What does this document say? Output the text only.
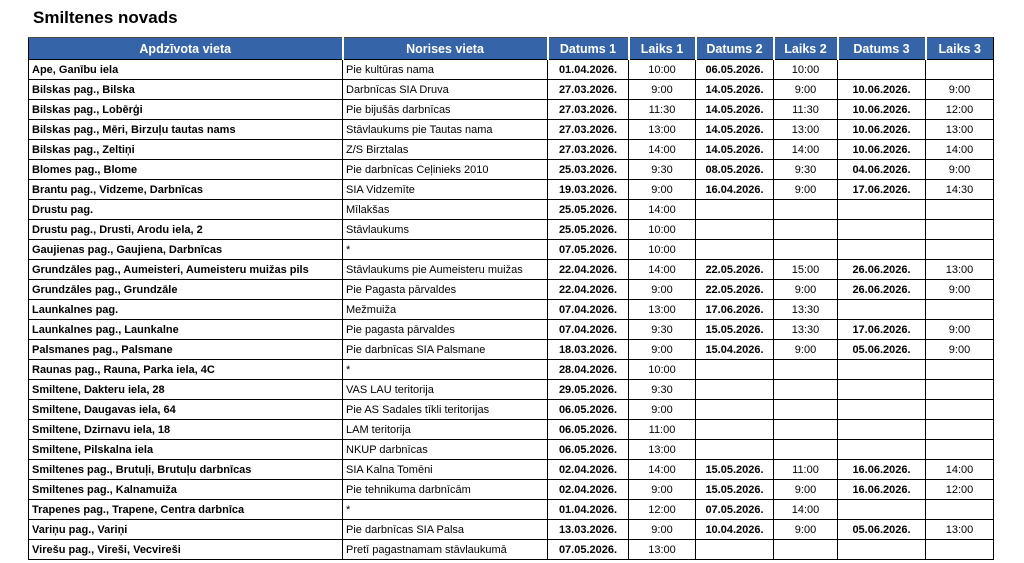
Smiltenes novads
Apdzīvota vieta	Norises vieta	Datums 1	Laiks 1	Datums 2	Laiks 2	Datums 3	Laiks 3
Ape, Ganību iela	Pie kultūras nama	01.04.2026.	10:00	06.05.2026.	10:00		
Bilskas pag., Bilska	Darbnīcas SIA Druva	27.03.2026.	9:00	14.05.2026.	9:00	10.06.2026.	9:00
Bilskas pag., Lobērģi	Pie bijušās darbnīcas	27.03.2026.	11:30	14.05.2026.	11:30	10.06.2026.	12:00
Bilskas pag., Mēri, Birzuļu tautas nams	Stāvlaukums pie Tautas nama	27.03.2026.	13:00	14.05.2026.	13:00	10.06.2026.	13:00
Bilskas pag., Zeltiņi	Z/S Birztalas	27.03.2026.	14:00	14.05.2026.	14:00	10.06.2026.	14:00
Blomes pag., Blome	Pie darbnīcas Ceļinieks 2010	25.03.2026.	9:30	08.05.2026.	9:30	04.06.2026.	9:00
Brantu pag., Vidzeme, Darbnīcas	SIA Vidzemīte	19.03.2026.	9:00	16.04.2026.	9:00	17.06.2026.	14:30
Drustu pag.	Mīlakšas	25.05.2026.	14:00				
Drustu pag., Drusti, Arodu iela, 2	Stāvlaukums	25.05.2026.	10:00				
Gaujienas pag., Gaujiena, Darbnīcas	*	07.05.2026.	10:00				
Grundzāles pag., Aumeisteri, Aumeisteru muižas pils	Stāvlaukums pie Aumeisteru muižas	22.04.2026.	14:00	22.05.2026.	15:00	26.06.2026.	13:00
Grundzāles pag., Grundzāle	Pie Pagasta pārvaldes	22.04.2026.	9:00	22.05.2026.	9:00	26.06.2026.	9:00
Launkalnes pag.	Mežmuiža	07.04.2026.	13:00	17.06.2026.	13:30		
Launkalnes pag., Launkalne	Pie pagasta pārvaldes	07.04.2026.	9:30	15.05.2026.	13:30	17.06.2026.	9:00
Palsmanes pag., Palsmane	Pie darbnīcas SIA Palsmane	18.03.2026.	9:00	15.04.2026.	9:00	05.06.2026.	9:00
Raunas pag., Rauna, Parka iela, 4C	*	28.04.2026.	10:00				
Smiltene, Dakteru iela, 28	VAS LAU teritorija	29.05.2026.	9:30				
Smiltene, Daugavas iela, 64	Pie AS Sadales tīkli teritorijas	06.05.2026.	9:00				
Smiltene, Dzirnavu iela, 18	LAM teritorija	06.05.2026.	11:00				
Smiltene, Pilskalna iela	NKUP darbnīcas	06.05.2026.	13:00				
Smiltenes pag., Brutuļi, Brutuļu darbnīcas	SIA Kalna Tomēni	02.04.2026.	14:00	15.05.2026.	11:00	16.06.2026.	14:00
Smiltenes pag., Kalnamuiža	Pie tehnikuma darbnīcām	02.04.2026.	9:00	15.05.2026.	9:00	16.06.2026.	12:00
Trapenes pag., Trapene, Centra darbnīca	*	01.04.2026.	12:00	07.05.2026.	14:00		
Variņu pag., Variņi	Pie darbnīcas SIA Palsa	13.03.2026.	9:00	10.04.2026.	9:00	05.06.2026.	13:00
Virešu pag., Vireši, Vecvireši	Pretī pagastnamam stāvlaukumā	07.05.2026.	13:00				
